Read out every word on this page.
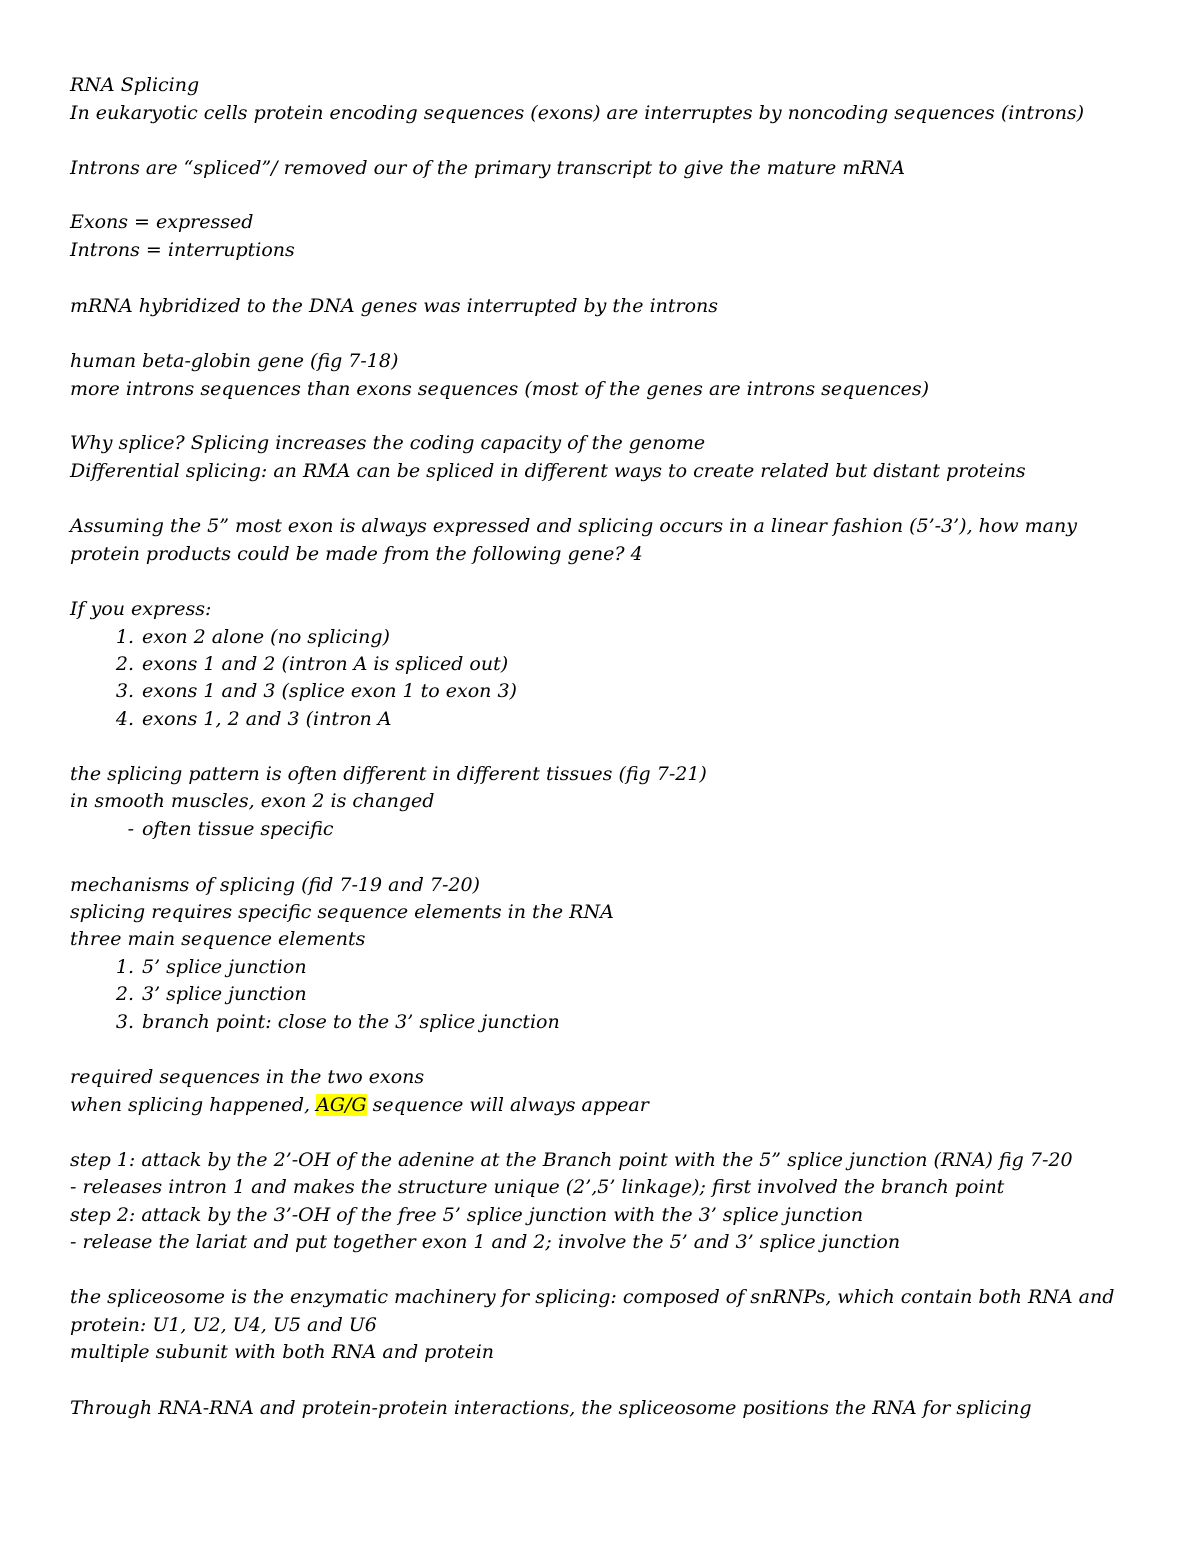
RNA Splicing
In eukaryotic cells protein encoding sequences (exons) are interruptes by noncoding sequences (introns)
Introns are “spliced”/ removed our of the primary transcript to give the mature mRNA
Exons = expressed
Introns = interruptions
mRNA hybridized to the DNA genes was interrupted by the introns
human beta-globin gene (fig 7-18)
more introns sequences than exons sequences (most of the genes are introns sequences)
Why splice? Splicing increases the coding capacity of the genome
Differential splicing: an RMA can be spliced in different ways to create related but distant proteins
Assuming the 5” most exon is always expressed and splicing occurs in a linear fashion (5’-3’), how many
protein products could be made from the following gene? 4
If you express:
1. exon 2 alone (no splicing)
2. exons 1 and 2 (intron A is spliced out)
3. exons 1 and 3 (splice exon 1 to exon 3)
4. exons 1, 2 and 3 (intron A
the splicing pattern is often different in different tissues (fig 7-21)
in smooth muscles, exon 2 is changed
- often tissue specific
mechanisms of splicing (fid 7-19 and 7-20)
splicing requires specific sequence elements in the RNA
three main sequence elements
1. 5’ splice junction
2. 3’ splice junction
3. branch point: close to the 3’ splice junction
required sequences in the two exons
when splicing happened, AG/G sequence will always appear
step 1: attack by the 2’-OH of the adenine at the Branch point with the 5” splice junction (RNA) fig 7-20
- releases intron 1 and makes the structure unique (2’,5’ linkage); first involved the branch point
step 2: attack by the 3’-OH of the free 5’ splice junction with the 3’ splice junction
- release the lariat and put together exon 1 and 2; involve the 5’ and 3’ splice junction
the spliceosome is the enzymatic machinery for splicing: composed of snRNPs, which contain both RNA and
protein: U1, U2, U4, U5 and U6
multiple subunit with both RNA and protein
Through RNA-RNA and protein-protein interactions, the spliceosome positions the RNA for splicing
